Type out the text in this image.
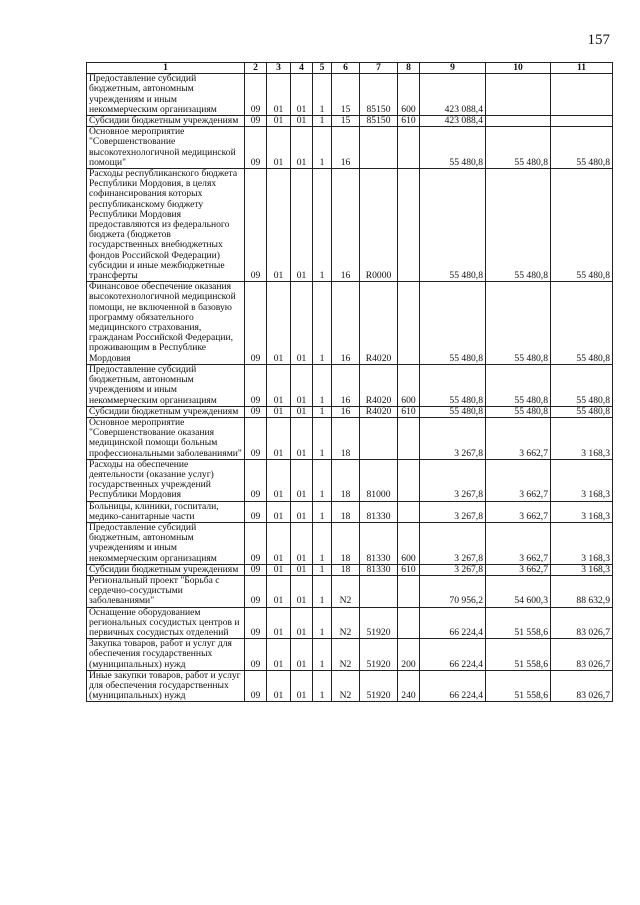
157
1	2	3	4	5	6	7	8	9	10	11
Предоставление субсидий бюджетным, автономным учреждениям и иным некоммерческим организациям	09	01	01	1	15	85150	600	423 088,4		
Субсидии бюджетным учреждениям	09	01	01	1	15	85150	610	423 088,4		
Основное мероприятие "Совершенствование высокотехнологичной медицинской помощи"	09	01	01	1	16			55 480,8	55 480,8	55 480,8
Расходы республиканского бюджета Республики Мордовия, в целях софинансирования которых республиканскому бюджету Республики Мордовия предоставляются из федерального бюджета (бюджетов государственных внебюджетных фондов Российской Федерации) субсидии и иные межбюджетные трансферты	09	01	01	1	16	R0000		55 480,8	55 480,8	55 480,8
Финансовое обеспечение оказания высокотехнологичной медицинской помощи, не включенной в базовую программу обязательного медицинского страхования, гражданам Российской Федерации, проживающим в Республике Мордовия	09	01	01	1	16	R4020		55 480,8	55 480,8	55 480,8
Предоставление субсидий бюджетным, автономным учреждениям и иным некоммерческим организациям	09	01	01	1	16	R4020	600	55 480,8	55 480,8	55 480,8
Субсидии бюджетным учреждениям	09	01	01	1	16	R4020	610	55 480,8	55 480,8	55 480,8
Основное мероприятие "Совершенствование оказания медицинской помощи больным профессиональными заболеваниями"	09	01	01	1	18			3 267,8	3 662,7	3 168,3
Расходы на обеспечение деятельности (оказание услуг) государственных учреждений Республики Мордовия	09	01	01	1	18	81000		3 267,8	3 662,7	3 168,3
Больницы, клиники, госпитали, медико-санитарные части	09	01	01	1	18	81330		3 267,8	3 662,7	3 168,3
Предоставление субсидий бюджетным, автономным учреждениям и иным некоммерческим организациям	09	01	01	1	18	81330	600	3 267,8	3 662,7	3 168,3
Субсидии бюджетным учреждениям	09	01	01	1	18	81330	610	3 267,8	3 662,7	3 168,3
Региональный проект "Борьба с сердечно-сосудистыми заболеваниями"	09	01	01	1	N2			70 956,2	54 600,3	88 632,9
Оснащение оборудованием региональных сосудистых центров и первичных сосудистых отделений	09	01	01	1	N2	51920		66 224,4	51 558,6	83 026,7
Закупка товаров, работ и услуг для обеспечения государственных (муниципальных) нужд	09	01	01	1	N2	51920	200	66 224,4	51 558,6	83 026,7
Иные закупки товаров, работ и услуг для обеспечения государственных (муниципальных) нужд	09	01	01	1	N2	51920	240	66 224,4	51 558,6	83 026,7
